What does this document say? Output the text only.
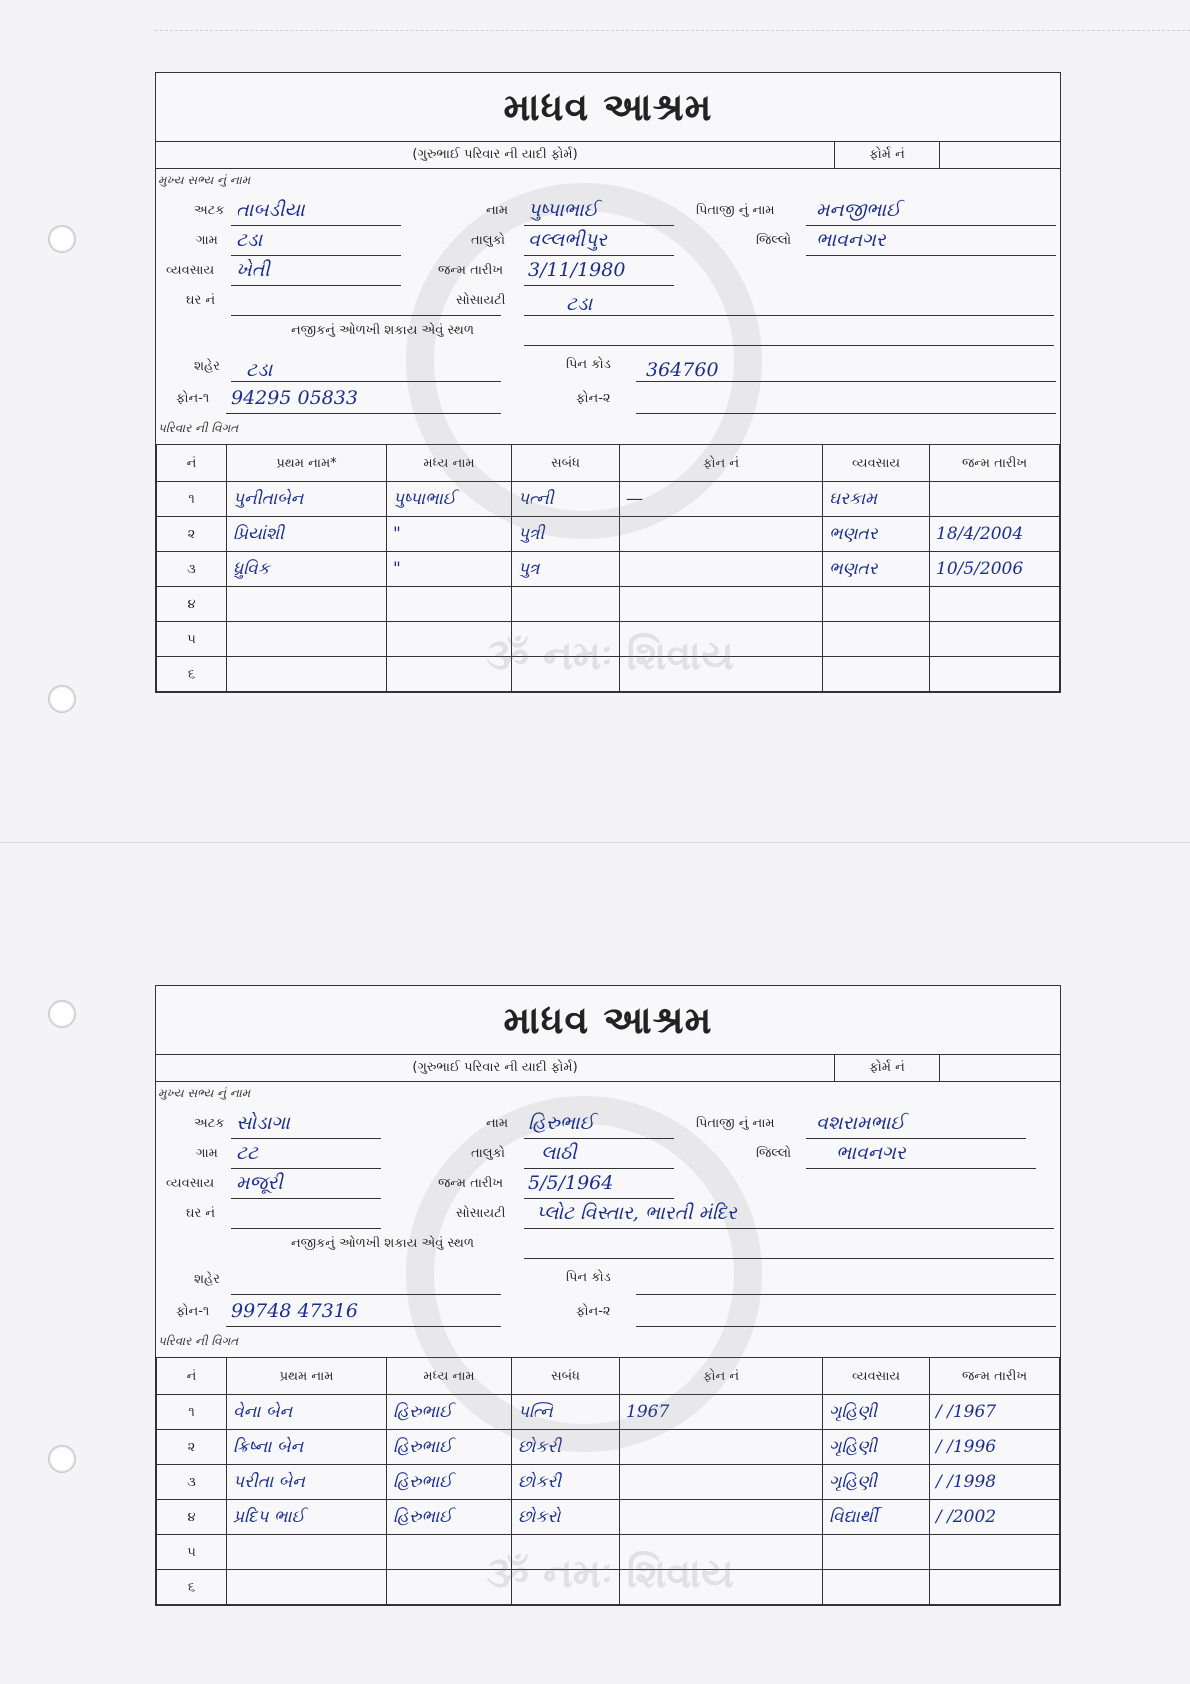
ૐ નમઃ શિવાય
માધવ આશ્રમ
(ગુરુભાઈ પરિવાર ની યાદી ફોર્મ)	ફોર્મ નં
મુખ્ય સભ્ય નું નામ
અટક તાબડીયા	નામ પુષ્પાભાઈ	પિતાજી નું નામ મનજીભાઈ
ગામ ટડા	તાલુકો વલ્લભીપુર	જિલ્લો ભાવનગર
વ્યવસાય ખેતી	જન્મ તારીખ 3/11/1980
ઘર નં	સોસાયટી	ટડા
નજીકનું ઓળખી શકાય એવું સ્થળ
શહેર ટડા	પિન કોડ 364760
ફોન-૧ 94295 05833	ફોન-૨
પરિવાર ની વિગત
નં	પ્રથમ નામ*	મધ્ય નામ	સબંધ	ફોન નં	વ્યવસાય	જન્મ તારીખ
૧	પુનીતાબેન	પુષ્પાભાઈ	પત્ની	—	ઘરકામ	
૨	પ્રિયાંશી	"	પુત્રી		ભણતર	18/4/2004
૩	ધ્રુવિક	"	પુત્ર		ભણતર	10/5/2006
૪						
૫						
૬						
ૐ નમઃ શિવાય
માધવ આશ્રમ
(ગુરુભાઈ પરિવાર ની યાદી ફોર્મ)	ફોર્મ નં
મુખ્ય સભ્ય નું નામ
અટક સોડાગા	નામ હિરુભાઈ	પિતાજી નું નામ વશરામભાઈ
ગામ ટટ	તાલુકો લાઠી	જિલ્લો ભાવનગર
વ્યવસાય મજૂરી	જન્મ તારીખ 5/5/1964
ઘર નં	સોસાયટી પ્લોટ વિસ્તાર, ભારતી મંદિર
નજીકનું ઓળખી શકાય એવું સ્થળ
શહેર	પિન કોડ
ફોન-૧ 99748 47316	ફોન-૨
પરિવાર ની વિગત
નં	પ્રથમ નામ	મધ્ય નામ	સબંધ	ફોન નં	વ્યવસાય	જન્મ તારીખ
૧	વેના બેન	હિરુભાઈ	પત્નિ	1967	ગૃહિણી	/ /1967
૨	ક્રિષ્ના બેન	હિરુભાઈ	છોકરી		ગૃહિણી	/ /1996
૩	પરીતા બેન	હિરુભાઈ	છોકરી		ગૃહિણી	/ /1998
૪	પ્રદિપ ભાઈ	હિરુભાઈ	છોકરો		વિદ્યાર્થી	/ /2002
૫						
૬						
